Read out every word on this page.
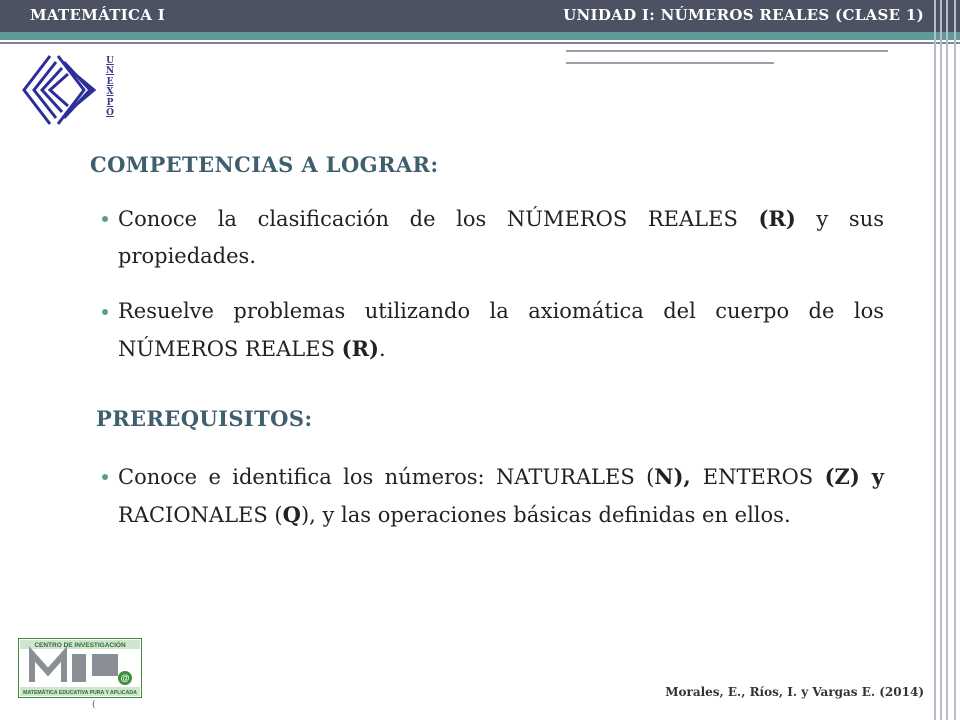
MATEMÁTICA I	UNIDAD I: NÚMEROS REALES (CLASE 1)
U
N
E
X
P
O
COMPETENCIAS A LOGRAR:
Conoce la clasificación de los NÚMEROS REALES (R) y sus propiedades.
Resuelve problemas utilizando la axiomática del cuerpo de los NÚMEROS REALES (R).
PREREQUISITOS:
Conoce e identifica los números: NATURALES (N), ENTEROS (Z) y RACIONALES (Q), y las operaciones básicas definidas en ellos.
CENTRO DE INVESTIGACIÓN
@
MATEMÁTICA EDUCATIVA PURA Y APLICADA
(
Morales, E., Ríos, I. y Vargas E. (2014)
